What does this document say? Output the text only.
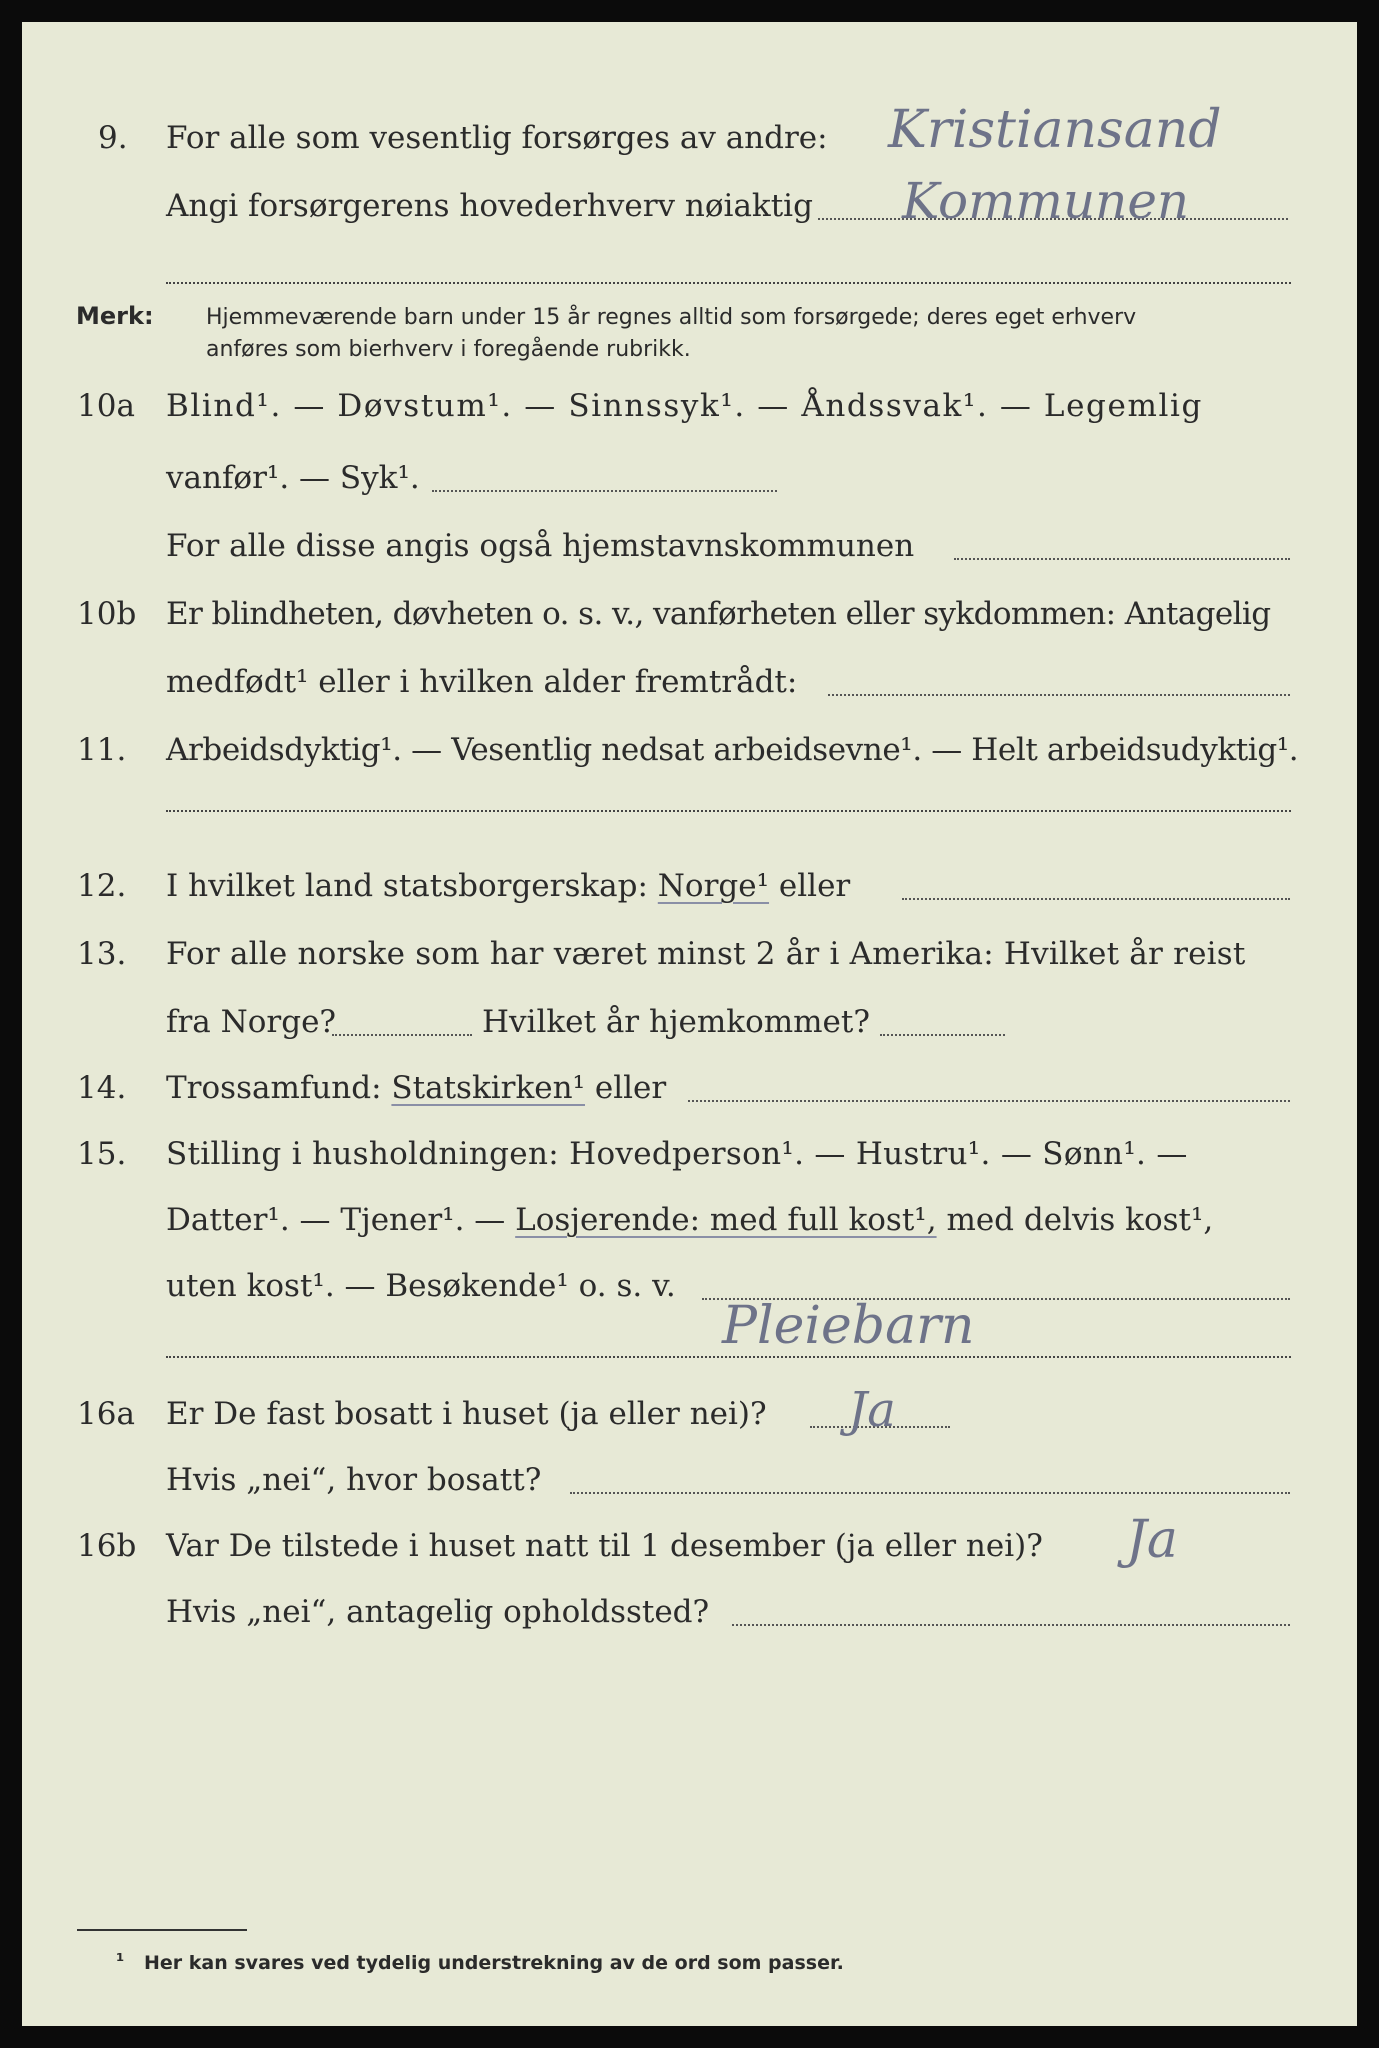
9. For alle som vesentlig forsørges av andre: Kristiansand
Angi forsørgerens hovederhverv nøiaktig Kommunen
Merk: Hjemmeværende barn under 15 år regnes alltid som forsørgede; deres eget erhverv
anføres som bierhverv i foregående rubrikk.
10a Blind¹. — Døvstum¹. — Sinnssyk¹. — Åndssvak¹. — Legemlig
vanfør¹. — Syk¹.
For alle disse angis også hjemstavnskommunen
10b Er blindheten, døvheten o. s. v., vanførheten eller sykdommen: Antagelig
medfødt¹ eller i hvilken alder fremtrådt:
11. Arbeidsdyktig¹. — Vesentlig nedsat arbeidsevne¹. — Helt arbeidsudyktig¹.
12. I hvilket land statsborgerskap: Norge¹ eller
13. For alle norske som har været minst 2 år i Amerika: Hvilket år reist
fra Norge?	Hvilket år hjemkommet?
14. Trossamfund: Statskirken¹ eller
15. Stilling i husholdningen: Hovedperson¹. — Hustru¹. — Sønn¹. —
Datter¹. — Tjener¹. — Losjerende: med full kost¹, med delvis kost¹,
uten kost¹. — Besøkende¹ o. s. v.
Pleiebarn
16a Er De fast bosatt i huset (ja eller nei)? Ja
Hvis „nei“, hvor bosatt?
16b Var De tilstede i huset natt til 1 desember (ja eller nei)? Ja
Hvis „nei“, antagelig opholdssted?
¹ Her kan svares ved tydelig understrekning av de ord som passer.
